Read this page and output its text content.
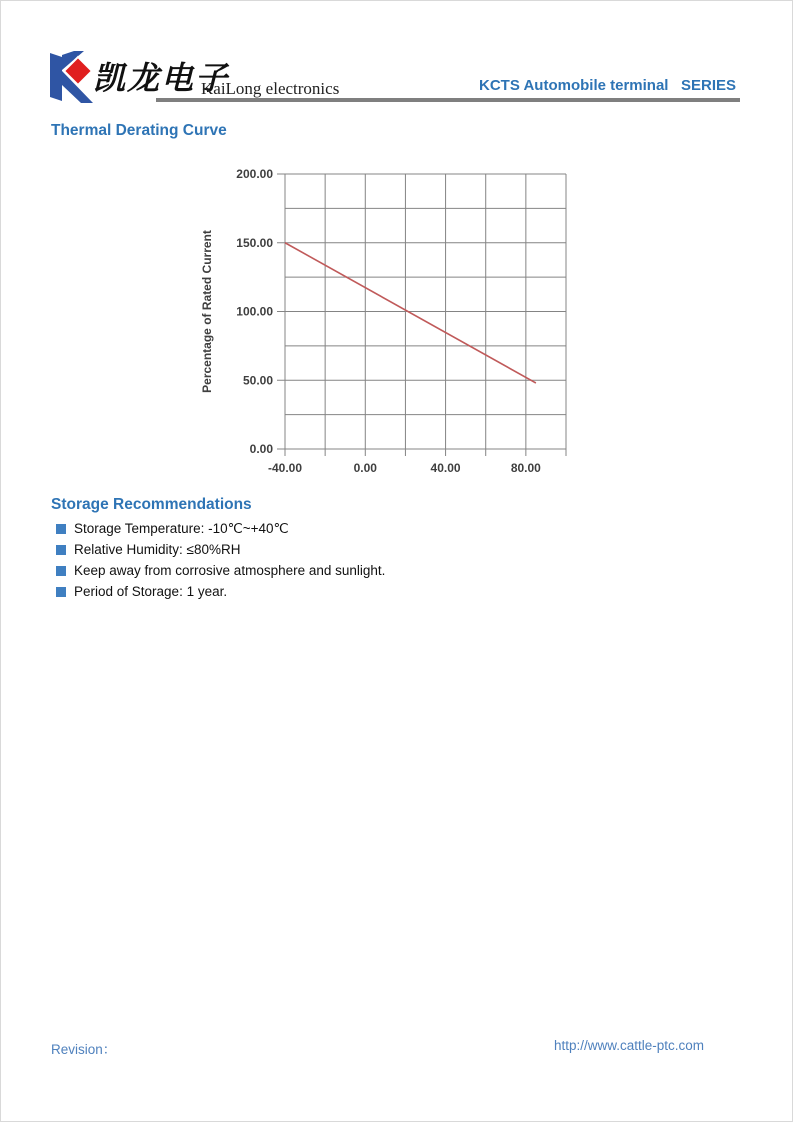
凯龙电子
KaiLong electronics	KCTS Automobile terminal   SERIES
Thermal Derating Curve
0.00
50.00
100.00
150.00
200.00
-40.00	0.00	40.00	80.00
Percentage of Rated Current
Storage Recommendations
Storage Temperature: -10℃~+40℃
Relative Humidity: ≤80%RH
Keep away from corrosive atmosphere and sunlight.
Period of Storage: 1 year.
Revision：	http://www.cattle-ptc.com
